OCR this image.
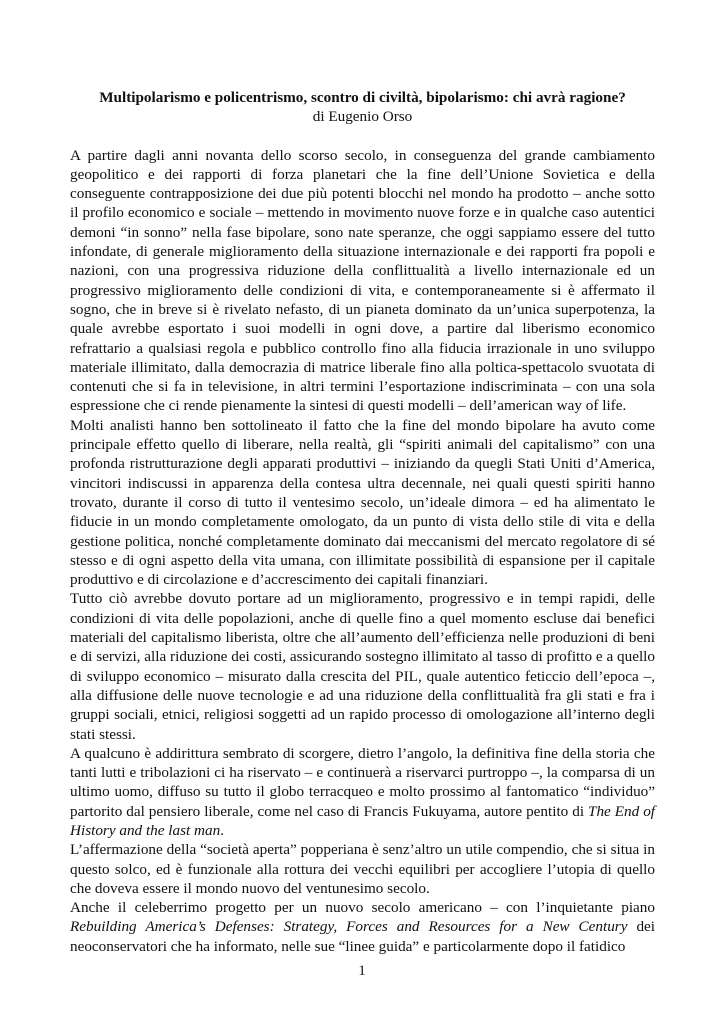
Multipolarismo e policentrismo, scontro di civiltà, bipolarismo: chi avrà ragione?

di Eugenio Orso

A partire dagli anni novanta dello scorso secolo, in conseguenza del grande cambiamento geopolitico e dei rapporti di forza planetari che la fine dell’Unione Sovietica e della conseguente contrapposizione dei due più potenti blocchi nel mondo ha prodotto – anche sotto il profilo economico e sociale – mettendo in movimento nuove forze e in qualche caso autentici demoni “in sonno” nella fase bipolare, sono nate speranze, che oggi sappiamo essere del tutto infondate, di generale miglioramento della situazione internazionale e dei rapporti fra popoli e nazioni, con una progressiva riduzione della conflittualità a livello internazionale ed un progressivo miglioramento delle condizioni di vita, e contemporaneamente si è affermato il sogno, che in breve si è rivelato nefasto, di un pianeta dominato da un’unica superpotenza, la quale avrebbe esportato i suoi modelli in ogni dove, a partire dal liberismo economico refrattario a qualsiasi regola e pubblico controllo fino alla fiducia irrazionale in uno sviluppo materiale illimitato, dalla democrazia di matrice liberale fino alla poltica-spettacolo svuotata di contenuti che si fa in televisione, in altri termini l’esportazione indiscriminata – con una sola espressione che ci rende pienamente la sintesi di questi modelli – dell’american way of life.

Molti analisti hanno ben sottolineato il fatto che la fine del mondo bipolare ha avuto come principale effetto quello di liberare, nella realtà, gli “spiriti animali del capitalismo” con una profonda ristrutturazione degli apparati produttivi – iniziando da quegli Stati Uniti d’America, vincitori indiscussi in apparenza della contesa ultra decennale, nei quali questi spiriti hanno trovato, durante il corso di tutto il ventesimo secolo, un’ideale dimora – ed ha alimentato le fiducie in un mondo completamente omologato, da un punto di vista dello stile di vita e della gestione politica, nonché completamente dominato dai meccanismi del mercato regolatore di sé stesso e di ogni aspetto della vita umana, con illimitate possibilità di espansione per il capitale produttivo e di circolazione e d’accrescimento dei capitali finanziari.

Tutto ciò avrebbe dovuto portare ad un miglioramento, progressivo e in tempi rapidi, delle condizioni di vita delle popolazioni, anche di quelle fino a quel momento escluse dai benefici materiali del capitalismo liberista, oltre che all’aumento dell’efficienza nelle produzioni di beni e di servizi, alla riduzione dei costi, assicurando sostegno illimitato al tasso di profitto e a quello di sviluppo economico – misurato dalla crescita del PIL, quale autentico feticcio dell’epoca –, alla diffusione delle nuove tecnologie e ad una riduzione della conflittualità fra gli stati e fra i gruppi sociali, etnici, religiosi soggetti ad un rapido processo di omologazione all’interno degli stati stessi.

A qualcuno è addirittura sembrato di scorgere, dietro l’angolo, la definitiva fine della storia che tanti lutti e tribolazioni ci ha riservato – e continuerà a riservarci purtroppo –, la comparsa di un ultimo uomo, diffuso su tutto il globo terracqueo e molto prossimo al fantomatico “individuo” partorito dal pensiero liberale, come nel caso di Francis Fukuyama, autore pentito di The End of History and the last man.

L’affermazione della “società aperta” popperiana è senz’altro un utile compendio, che si situa in questo solco, ed è funzionale alla rottura dei vecchi equilibri per accogliere l’utopia di quello che doveva essere il mondo nuovo del ventunesimo secolo.

Anche il celeberrimo progetto per un nuovo secolo americano – con l’inquietante piano Rebuilding America’s Defenses: Strategy, Forces and Resources for a New Century dei neoconservatori che ha informato, nelle sue “linee guida” e particolarmente dopo il fatidico

1
